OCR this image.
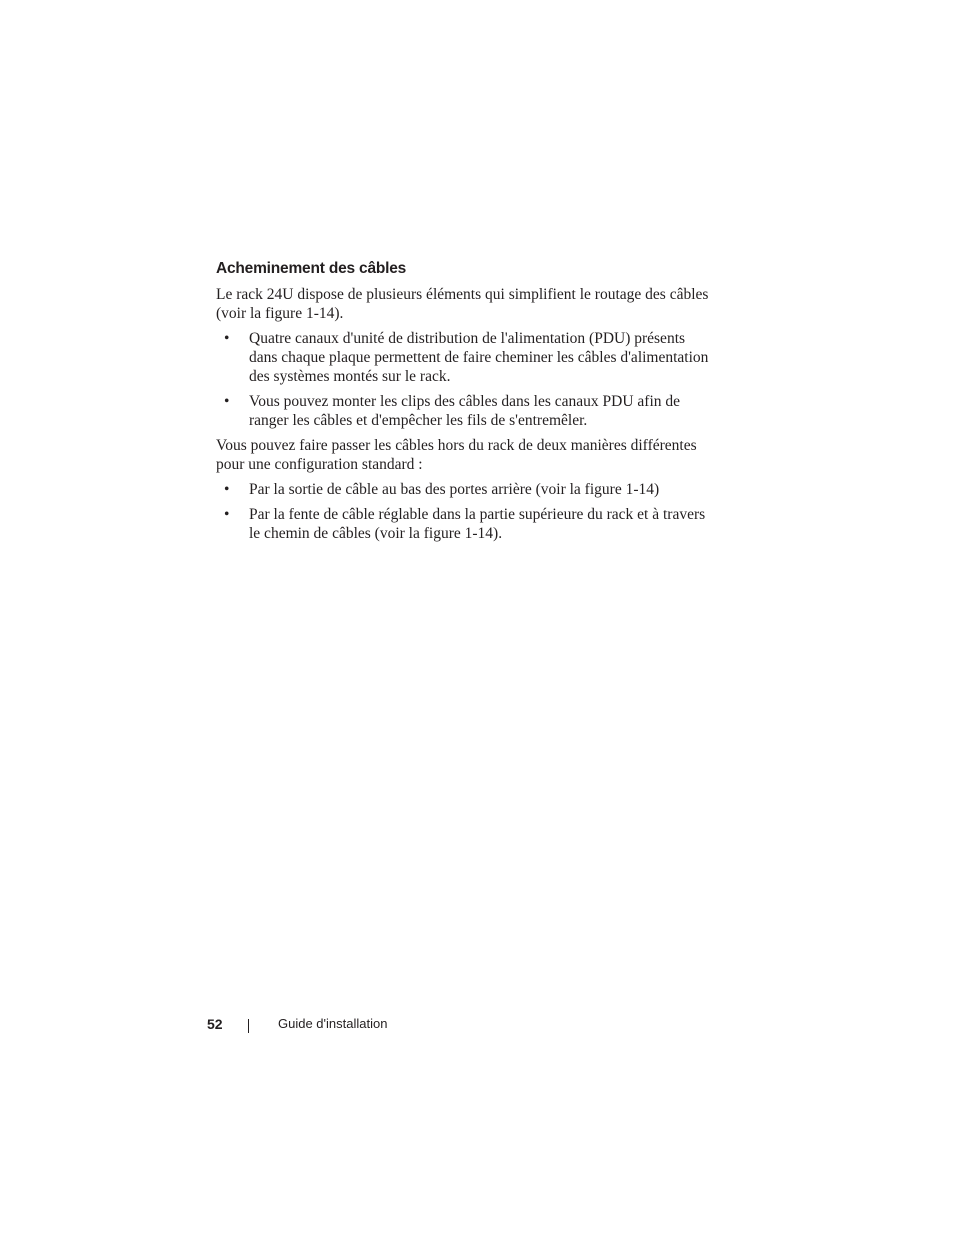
Acheminement des câbles

Le rack 24U dispose de plusieurs éléments qui simplifient le routage des câbles (voir la figure 1-14).

• Quatre canaux d'unité de distribution de l'alimentation (PDU) présents dans chaque plaque permettent de faire cheminer les câbles d'alimentation des systèmes montés sur le rack.
• Vous pouvez monter les clips des câbles dans les canaux PDU afin de ranger les câbles et d'empêcher les fils de s'entremêler.

Vous pouvez faire passer les câbles hors du rack de deux manières différentes pour une configuration standard :

• Par la sortie de câble au bas des portes arrière (voir la figure 1-14)
• Par la fente de câble réglable dans la partie supérieure du rack et à travers le chemin de câbles (voir la figure 1-14).
52	Guide d'installation
